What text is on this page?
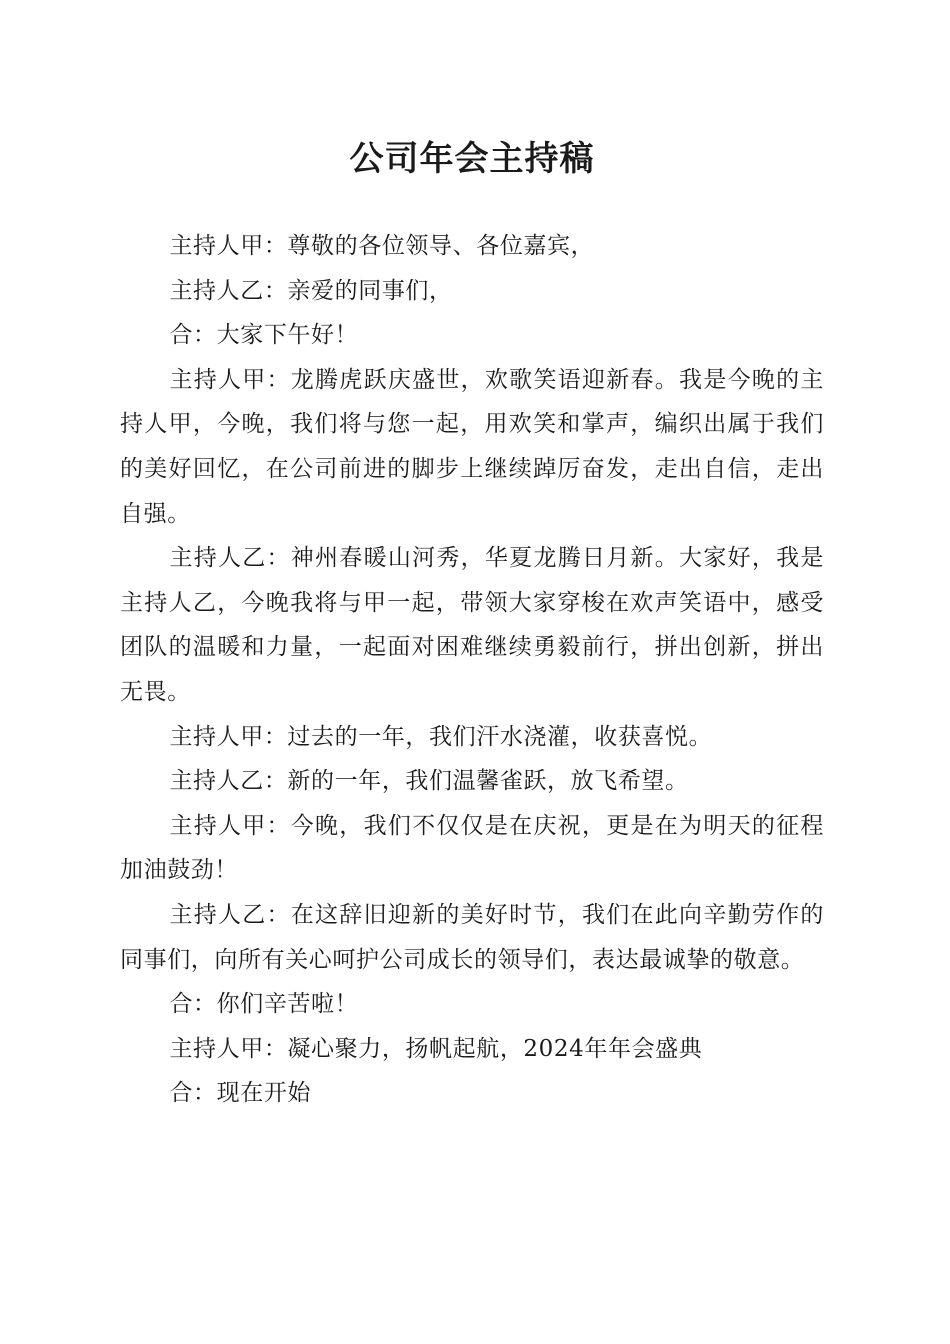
公司年会主持稿

主持人甲：尊敬的各位领导、各位嘉宾，

主持人乙：亲爱的同事们，

合：大家下午好！

主持人甲：龙腾虎跃庆盛世，欢歌笑语迎新春。我是今晚的主持人甲，今晚，我们将与您一起，用欢笑和掌声，编织出属于我们的美好回忆，在公司前进的脚步上继续踔厉奋发，走出自信，走出自强。

主持人乙：神州春暖山河秀，华夏龙腾日月新。大家好，我是主持人乙，今晚我将与甲一起，带领大家穿梭在欢声笑语中，感受团队的温暖和力量，一起面对困难继续勇毅前行，拼出创新，拼出无畏。

主持人甲：过去的一年，我们汗水浇灌，收获喜悦。

主持人乙：新的一年，我们温馨雀跃，放飞希望。

主持人甲：今晚，我们不仅仅是在庆祝，更是在为明天的征程加油鼓劲！

主持人乙：在这辞旧迎新的美好时节，我们在此向辛勤劳作的同事们，向所有关心呵护公司成长的领导们，表达最诚挚的敬意。

合：你们辛苦啦！

主持人甲：凝心聚力，扬帆起航，2024年年会盛典

合：现在开始
